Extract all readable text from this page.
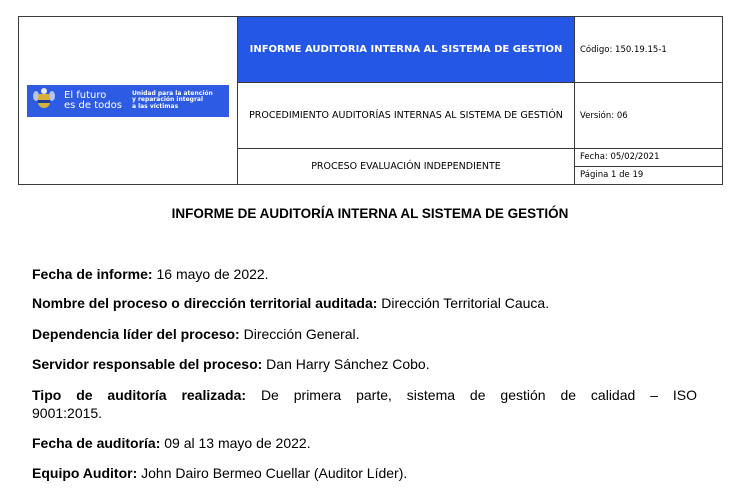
El futuro
es de todos
Unidad para la atención
y reparación integral
a las víctimas	INFORME AUDITORIA INTERNA AL SISTEMA DE GESTION	Código: 150.19.15-1
	PROCEDIMIENTO AUDITORÍAS INTERNAS AL SISTEMA DE GESTIÓN	Versión: 06
	PROCESO EVALUACIÓN INDEPENDIENTE	Fecha: 05/02/2021
		Página 1 de 19
INFORME DE AUDITORÍA INTERNA AL SISTEMA DE GESTIÓN
Fecha de informe: 16 mayo de 2022.
Nombre del proceso o dirección territorial auditada: Dirección Territorial Cauca.
Dependencia líder del proceso: Dirección General.
Servidor responsable del proceso: Dan Harry Sánchez Cobo.
Tipo de auditoría realizada: De primera parte, sistema de gestión de calidad – ISO
9001:2015.
Fecha de auditoría: 09 al 13 mayo de 2022.
Equipo Auditor: John Dairo Bermeo Cuellar (Auditor Líder).
